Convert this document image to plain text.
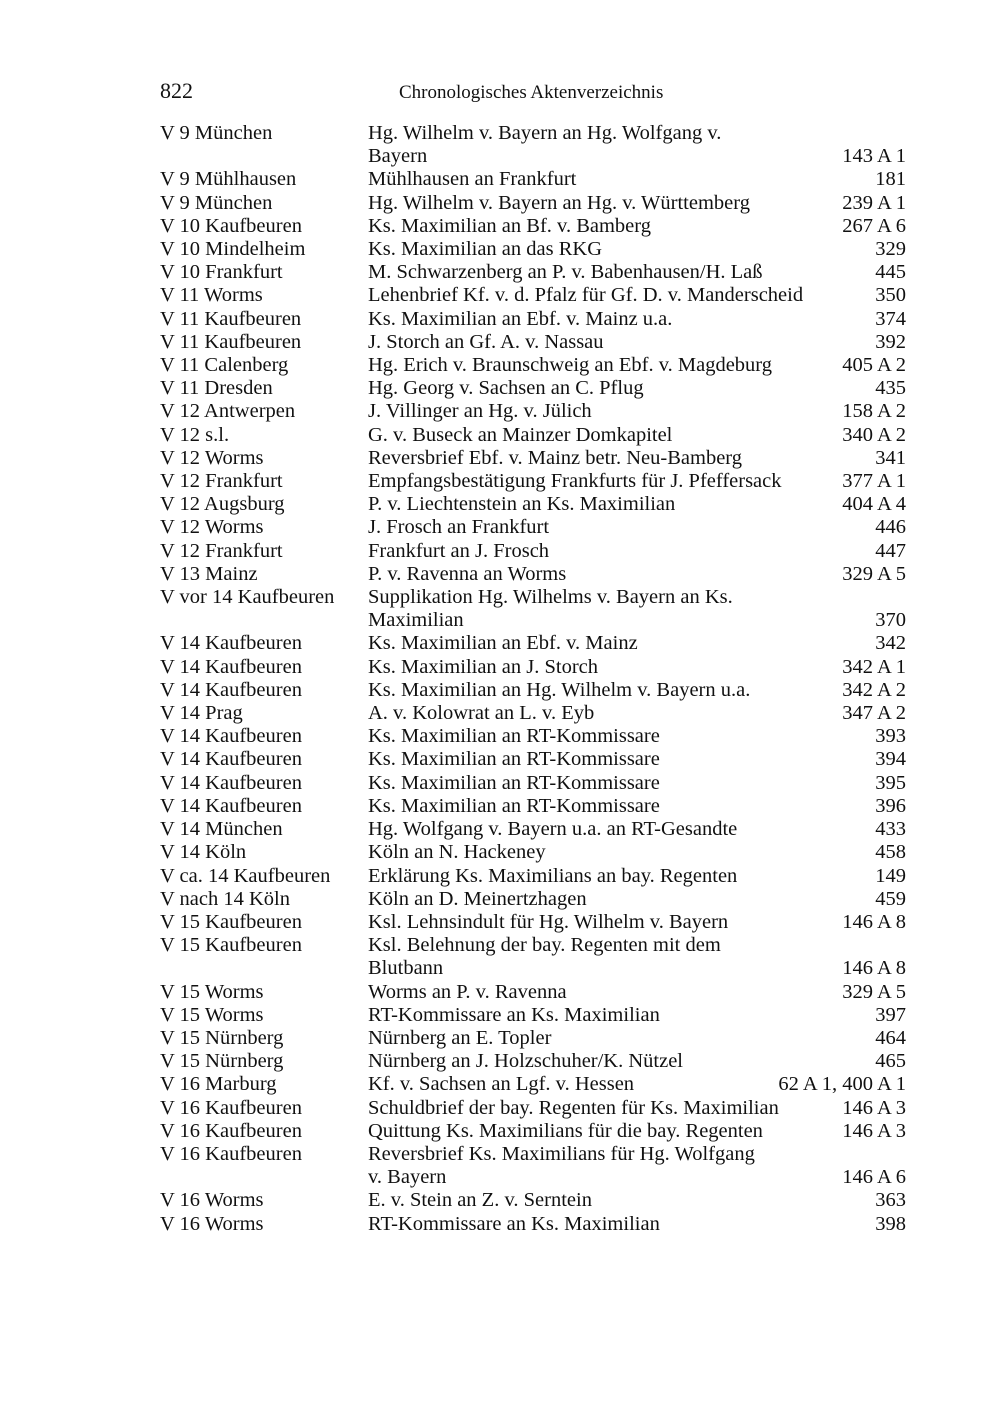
822	Chronologisches Aktenverzeichnis
V 9 München	Hg. Wilhelm v. Bayern an Hg. Wolfgang v.
Bayern	143 A 1
V 9 Mühlhausen	Mühlhausen an Frankfurt	181
V 9 München	Hg. Wilhelm v. Bayern an Hg. v. Württemberg	239 A 1
V 10 Kaufbeuren	Ks. Maximilian an Bf. v. Bamberg	267 A 6
V 10 Mindelheim	Ks. Maximilian an das RKG	329
V 10 Frankfurt	M. Schwarzenberg an P. v. Babenhausen/H. Laß	445
V 11 Worms	Lehenbrief Kf. v. d. Pfalz für Gf. D. v. Manderscheid	350
V 11 Kaufbeuren	Ks. Maximilian an Ebf. v. Mainz u.a.	374
V 11 Kaufbeuren	J. Storch an Gf. A. v. Nassau	392
V 11 Calenberg	Hg. Erich v. Braunschweig an Ebf. v. Magdeburg	405 A 2
V 11 Dresden	Hg. Georg v. Sachsen an C. Pflug	435
V 12 Antwerpen	J. Villinger an Hg. v. Jülich	158 A 2
V 12 s.l.	G. v. Buseck an Mainzer Domkapitel	340 A 2
V 12 Worms	Reversbrief Ebf. v. Mainz betr. Neu-Bamberg	341
V 12 Frankfurt	Empfangsbestätigung Frankfurts für J. Pfeffersack	377 A 1
V 12 Augsburg	P. v. Liechtenstein an Ks. Maximilian	404 A 4
V 12 Worms	J. Frosch an Frankfurt	446
V 12 Frankfurt	Frankfurt an J. Frosch	447
V 13 Mainz	P. v. Ravenna an Worms	329 A 5
V vor 14 Kaufbeuren	Supplikation Hg. Wilhelms v. Bayern an Ks.
Maximilian	370
V 14 Kaufbeuren	Ks. Maximilian an Ebf. v. Mainz	342
V 14 Kaufbeuren	Ks. Maximilian an J. Storch	342 A 1
V 14 Kaufbeuren	Ks. Maximilian an Hg. Wilhelm v. Bayern u.a.	342 A 2
V 14 Prag	A. v. Kolowrat an L. v. Eyb	347 A 2
V 14 Kaufbeuren	Ks. Maximilian an RT-Kommissare	393
V 14 Kaufbeuren	Ks. Maximilian an RT-Kommissare	394
V 14 Kaufbeuren	Ks. Maximilian an RT-Kommissare	395
V 14 Kaufbeuren	Ks. Maximilian an RT-Kommissare	396
V 14 München	Hg. Wolfgang v. Bayern u.a. an RT-Gesandte	433
V 14 Köln	Köln an N. Hackeney	458
V ca. 14 Kaufbeuren	Erklärung Ks. Maximilians an bay. Regenten	149
V nach 14 Köln	Köln an D. Meinertzhagen	459
V 15 Kaufbeuren	Ksl. Lehnsindult für Hg. Wilhelm v. Bayern	146 A 8
V 15 Kaufbeuren	Ksl. Belehnung der bay. Regenten mit dem
Blutbann	146 A 8
V 15 Worms	Worms an P. v. Ravenna	329 A 5
V 15 Worms	RT-Kommissare an Ks. Maximilian	397
V 15 Nürnberg	Nürnberg an E. Topler	464
V 15 Nürnberg	Nürnberg an J. Holzschuher/K. Nützel	465
V 16 Marburg	Kf. v. Sachsen an Lgf. v. Hessen	62 A 1, 400 A 1
V 16 Kaufbeuren	Schuldbrief der bay. Regenten für Ks. Maximilian	146 A 3
V 16 Kaufbeuren	Quittung Ks. Maximilians für die bay. Regenten	146 A 3
V 16 Kaufbeuren	Reversbrief Ks. Maximilians für Hg. Wolfgang
v. Bayern	146 A 6
V 16 Worms	E. v. Stein an Z. v. Serntein	363
V 16 Worms	RT-Kommissare an Ks. Maximilian	398
